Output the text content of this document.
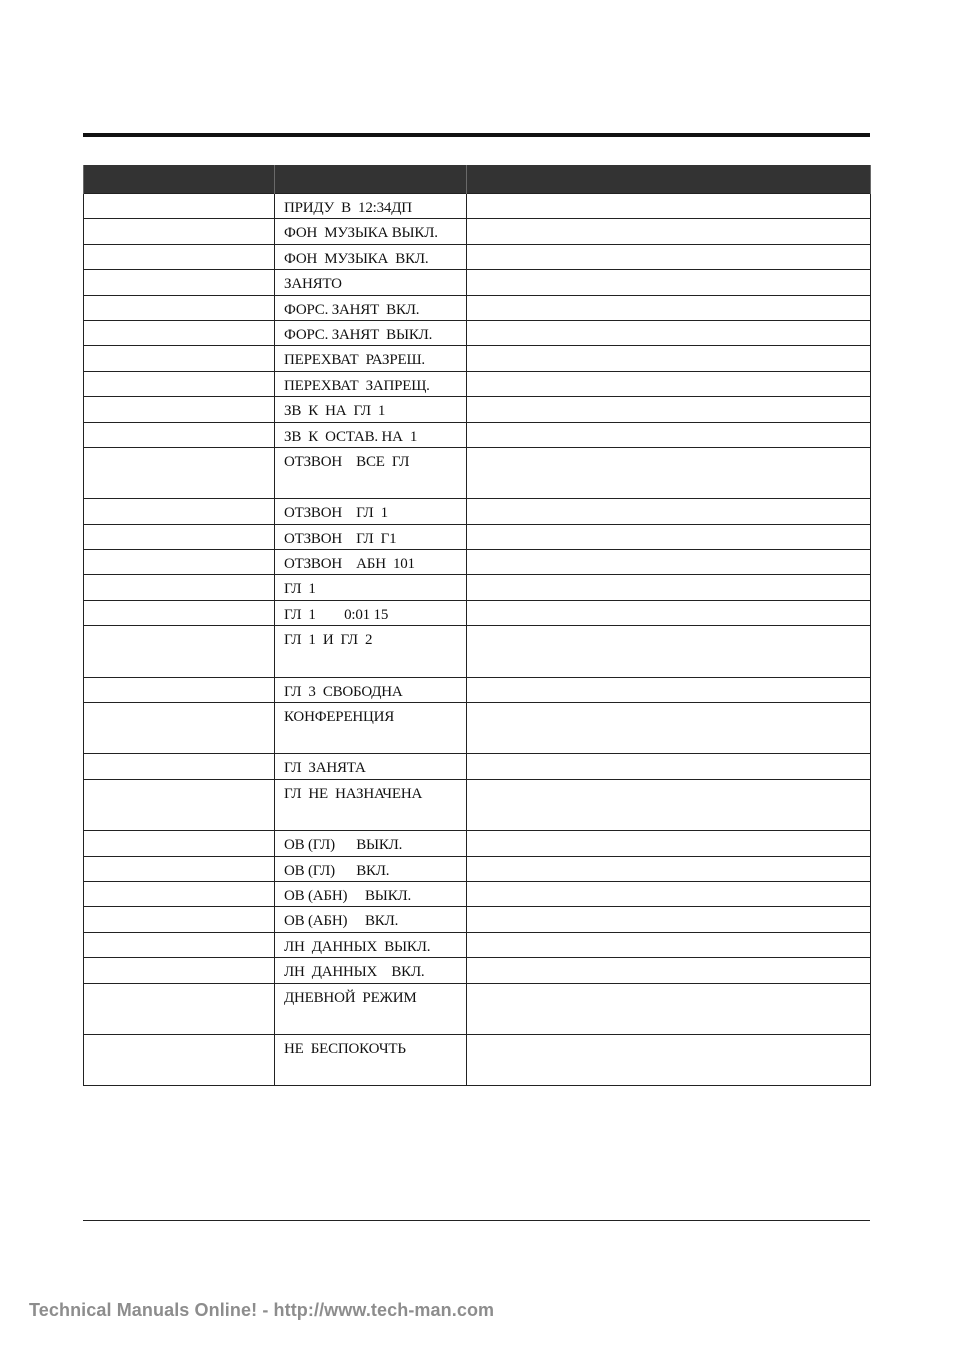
	ПРИДУ  В  12:34ДП	
	ФОН  МУЗЫКА ВЫКЛ.	
	ФОН  МУЗЫКА  ВКЛ.	
	ЗАНЯТО	
	ФОРС. ЗАНЯТ  ВКЛ.	
	ФОРС. ЗАНЯТ  ВЫКЛ.	
	ПЕРЕХВАТ  РАЗРЕШ.	
	ПЕРЕХВАТ  ЗАПРЕЩ.	
	ЗВ  К  НА  ГЛ  1	
	ЗВ  К  ОСТАВ. НА  1	
	ОТЗВОН    ВСЕ  ГЛ	
	ОТЗВОН    ГЛ  1	
	ОТЗВОН    ГЛ  Г1	
	ОТЗВОН    АБН  101	
	ГЛ  1	
	ГЛ  1        0:01 15	
	ГЛ  1  И  ГЛ  2	
	ГЛ  3  СВОБОДНА	
	КОНФЕРЕНЦИЯ	
	ГЛ  ЗАНЯТА	
	ГЛ  НЕ  НАЗНАЧЕНА	
	ОВ (ГЛ)      ВЫКЛ.	
	ОВ (ГЛ)      ВКЛ.	
	ОВ (АБН)     ВЫКЛ.	
	ОВ (АБН)     ВКЛ.	
	ЛН  ДАННЫХ  ВЫКЛ.	
	ЛН  ДАННЫХ    ВКЛ.	
	ДНЕВНОЙ  РЕЖИМ	
	НЕ  БЕСПОКОЧТЬ	
Technical Manuals Online! - http://www.tech-man.com
